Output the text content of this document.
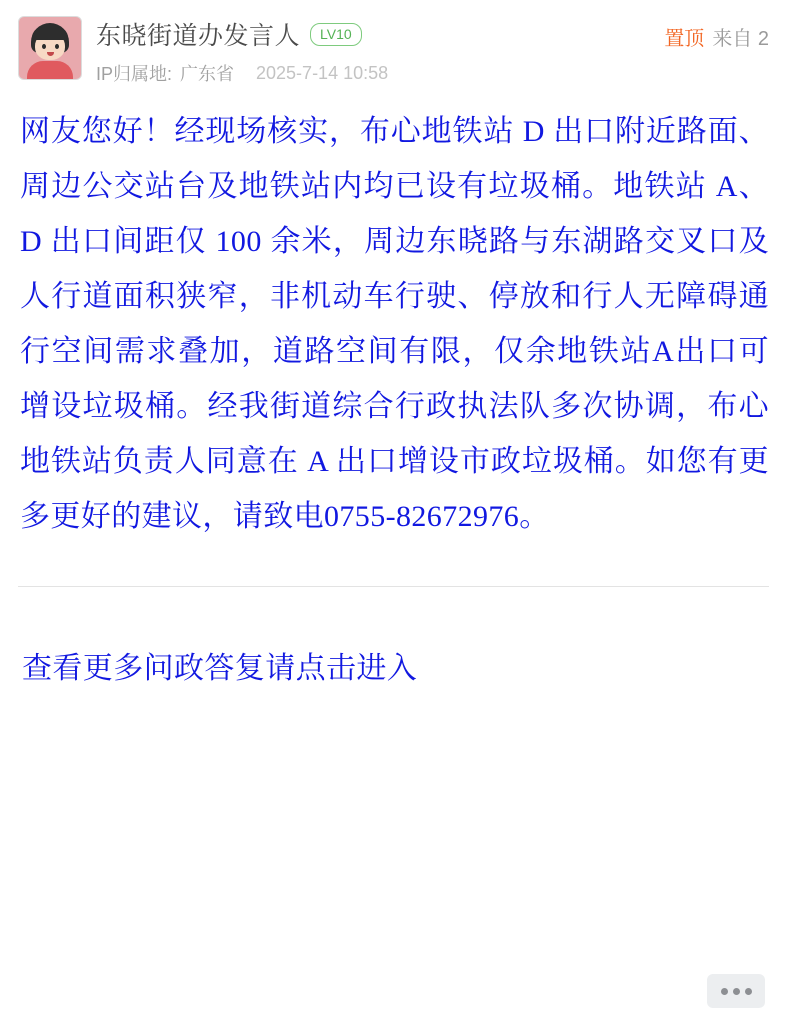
东晓街道办发言人	LV10
IP归属地: 广东省 2025-7-14 10:58
置顶 来自 2
网友您好！经现场核实，布心地铁站 D 出口附近路面、周边公交站台及地铁站内均已设有垃圾桶。地铁站 A、D 出口间距仅 100 余米，周边东晓路与东湖路交叉口及人行道面积狭窄，非机动车行驶、停放和行人无障碍通行空间需求叠加，道路空间有限，仅余地铁站A出口可增设垃圾桶。经我街道综合行政执法队多次协调，布心地铁站负责人同意在 A 出口增设市政垃圾桶。如您有更多更好的建议，请致电0755-82672976。
查看更多问政答复请点击进入
